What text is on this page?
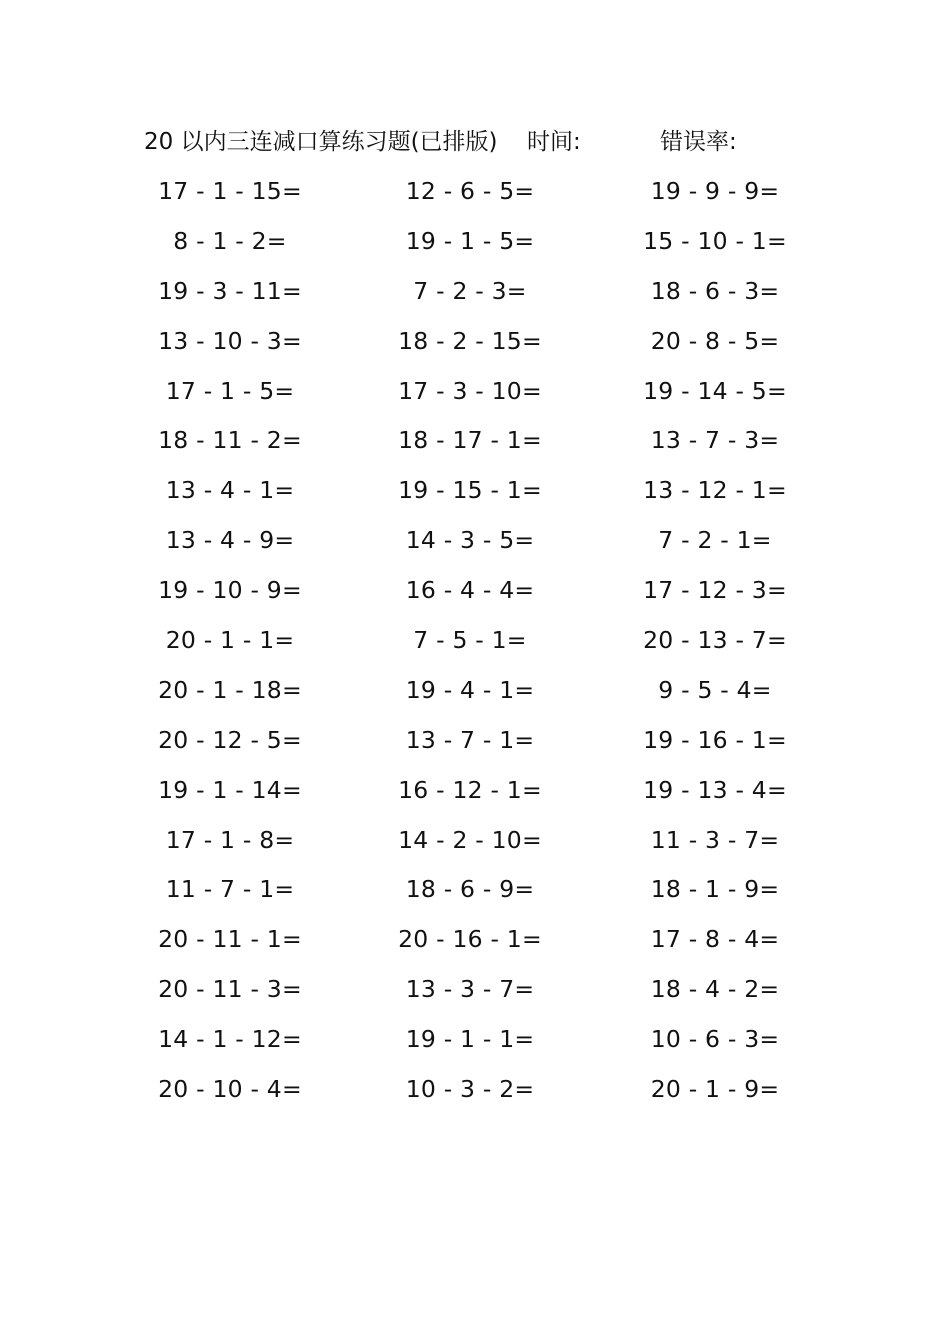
20 以内三连减口算练习题(已排版) 时间:	错误率:
17 - 1 - 15=	12 - 6 - 5=	19 - 9 - 9=
8 - 1 - 2=	19 - 1 - 5=	15 - 10 - 1=
19 - 3 - 11=	7 - 2 - 3=	18 - 6 - 3=
13 - 10 - 3=	18 - 2 - 15=	20 - 8 - 5=
17 - 1 - 5=	17 - 3 - 10=	19 - 14 - 5=
18 - 11 - 2=	18 - 17 - 1=	13 - 7 - 3=
13 - 4 - 1=	19 - 15 - 1=	13 - 12 - 1=
13 - 4 - 9=	14 - 3 - 5=	7 - 2 - 1=
19 - 10 - 9=	16 - 4 - 4=	17 - 12 - 3=
20 - 1 - 1=	7 - 5 - 1=	20 - 13 - 7=
20 - 1 - 18=	19 - 4 - 1=	9 - 5 - 4=
20 - 12 - 5=	13 - 7 - 1=	19 - 16 - 1=
19 - 1 - 14=	16 - 12 - 1=	19 - 13 - 4=
17 - 1 - 8=	14 - 2 - 10=	11 - 3 - 7=
11 - 7 - 1=	18 - 6 - 9=	18 - 1 - 9=
20 - 11 - 1=	20 - 16 - 1=	17 - 8 - 4=
20 - 11 - 3=	13 - 3 - 7=	18 - 4 - 2=
14 - 1 - 12=	19 - 1 - 1=	10 - 6 - 3=
20 - 10 - 4=	10 - 3 - 2=	20 - 1 - 9=
